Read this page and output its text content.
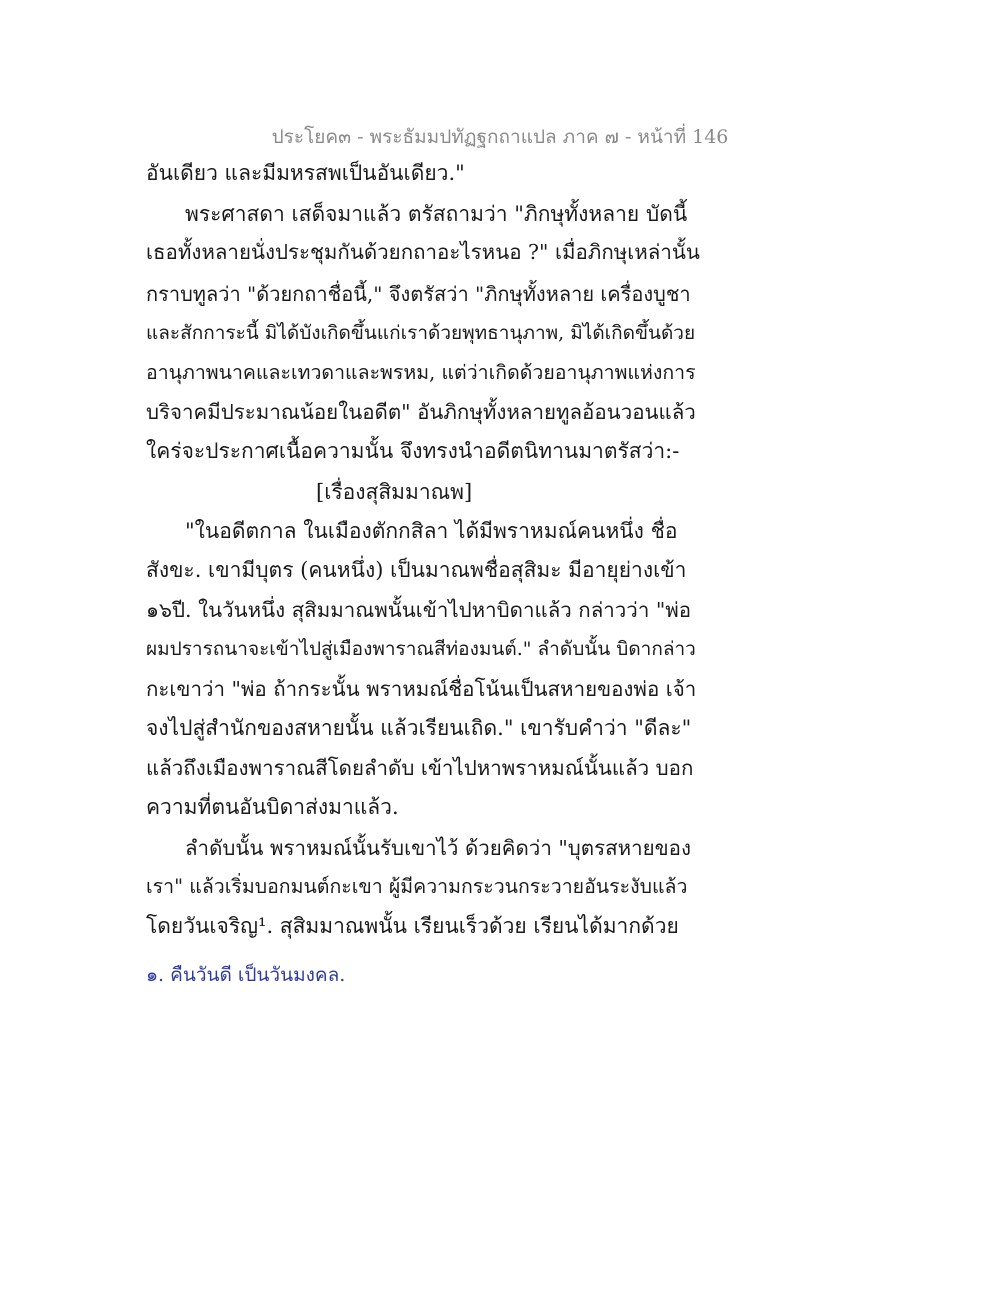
ประโยค๓ - พระธัมมปทัฏฐกถาแปล ภาค ๗ - หน้าที่ 146
อันเดียว และมีมหรสพเป็นอันเดียว."
พระศาสดา เสด็จมาแล้ว ตรัสถามว่า "ภิกษุทั้งหลาย บัดนี้
เธอทั้งหลายนั่งประชุมกันด้วยกถาอะไรหนอ ?" เมื่อภิกษุเหล่านั้น
กราบทูลว่า "ด้วยกถาชื่อนี้," จึงตรัสว่า "ภิกษุทั้งหลาย เครื่องบูชา
และสักการะนี้ มิได้บังเกิดขึ้นแก่เราด้วยพุทธานุภาพ, มิได้เกิดขึ้นด้วย
อานุภาพนาคและเทวดาและพรหม, แต่ว่าเกิดด้วยอานุภาพแห่งการ
บริจาคมีประมาณน้อยในอดีต" อันภิกษุทั้งหลายทูลอ้อนวอนแล้ว
ใคร่จะประกาศเนื้อความนั้น จึงทรงนำอดีตนิทานมาตรัสว่า:-
[เรื่องสุสิมมาณพ]
"ในอดีตกาล ในเมืองตักกสิลา ได้มีพราหมณ์คนหนึ่ง ชื่อ
สังขะ. เขามีบุตร (คนหนึ่ง) เป็นมาณพชื่อสุสิมะ มีอายุย่างเข้า
๑๖ปี. ในวันหนึ่ง สุสิมมาณพนั้นเข้าไปหาบิดาแล้ว กล่าวว่า "พ่อ
ผมปรารถนาจะเข้าไปสู่เมืองพาราณสีท่องมนต์." ลำดับนั้น บิดากล่าว
กะเขาว่า "พ่อ ถ้ากระนั้น พราหมณ์ชื่อโน้นเป็นสหายของพ่อ เจ้า
จงไปสู่สำนักของสหายนั้น แล้วเรียนเถิด." เขารับคำว่า "ดีละ"
แล้วถึงเมืองพาราณสีโดยลำดับ เข้าไปหาพราหมณ์นั้นแล้ว บอก
ความที่ตนอันบิดาส่งมาแล้ว.
ลำดับนั้น พราหมณ์นั้นรับเขาไว้ ด้วยคิดว่า "บุตรสหายของ
เรา" แล้วเริ่มบอกมนต์กะเขา ผู้มีความกระวนกระวายอันระงับแล้ว
โดยวันเจริญ¹. สุสิมมาณพนั้น เรียนเร็วด้วย เรียนได้มากด้วย
๑. คืนวันดี เป็นวันมงคล.
